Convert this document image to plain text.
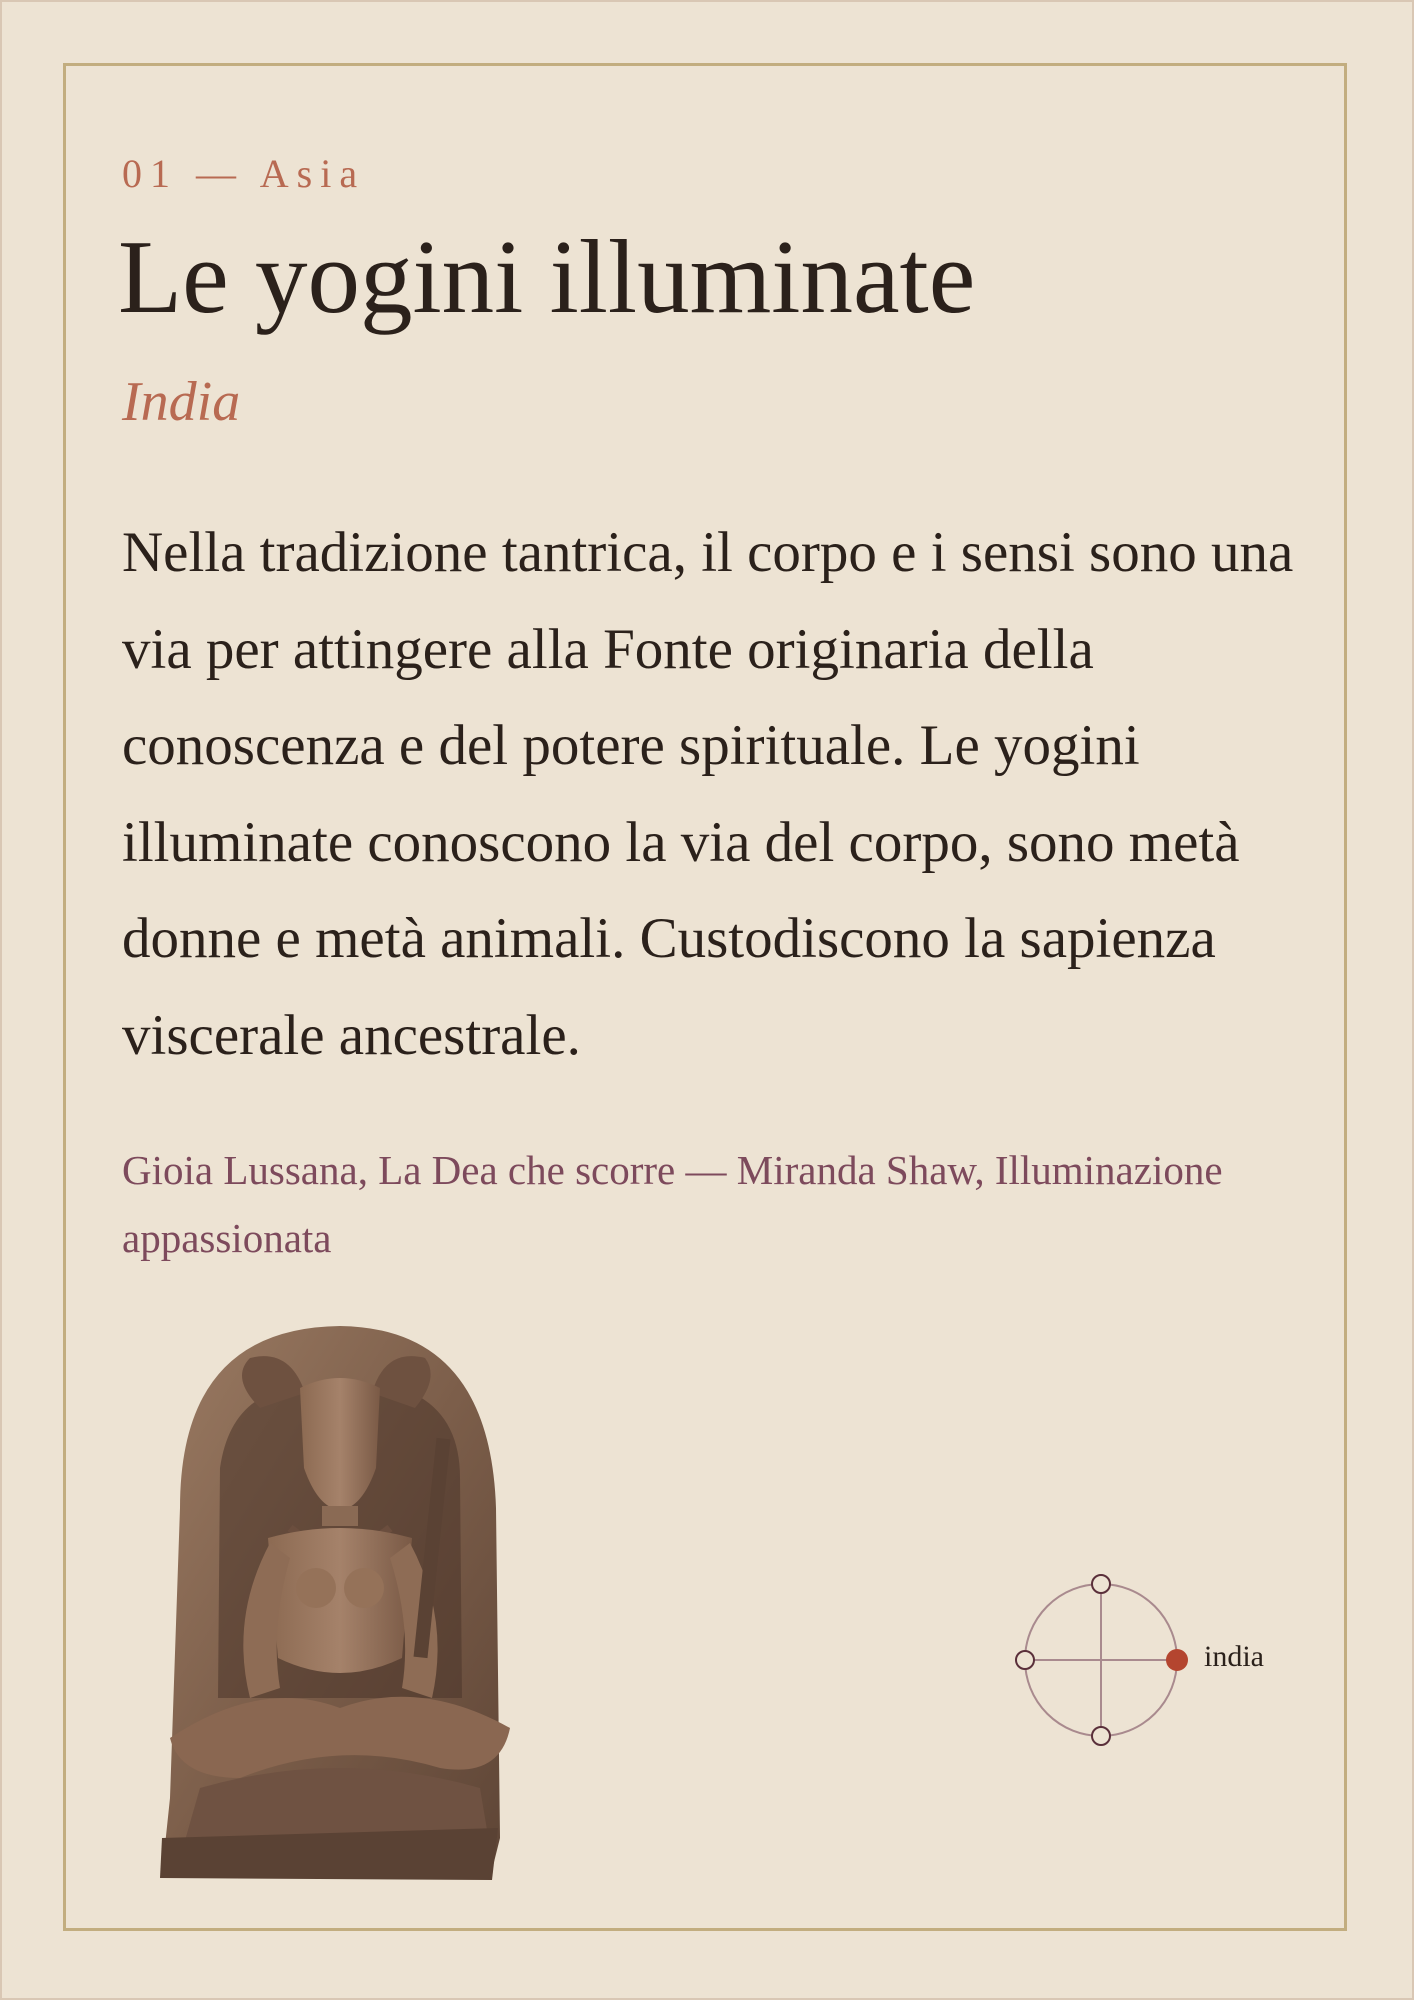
01 — Asia
Le yogini illuminate
India
Nella tradizione tantrica, il corpo e i sensi sono una via per attingere alla Fonte originaria della conoscenza e del potere spirituale. Le yogini illuminate conoscono la via del corpo, sono metà donne e metà animali. Custodiscono la sapienza viscerale ancestrale.
Gioia Lussana, La Dea che scorre — Miranda Shaw, Illuminazione appassionata
india
